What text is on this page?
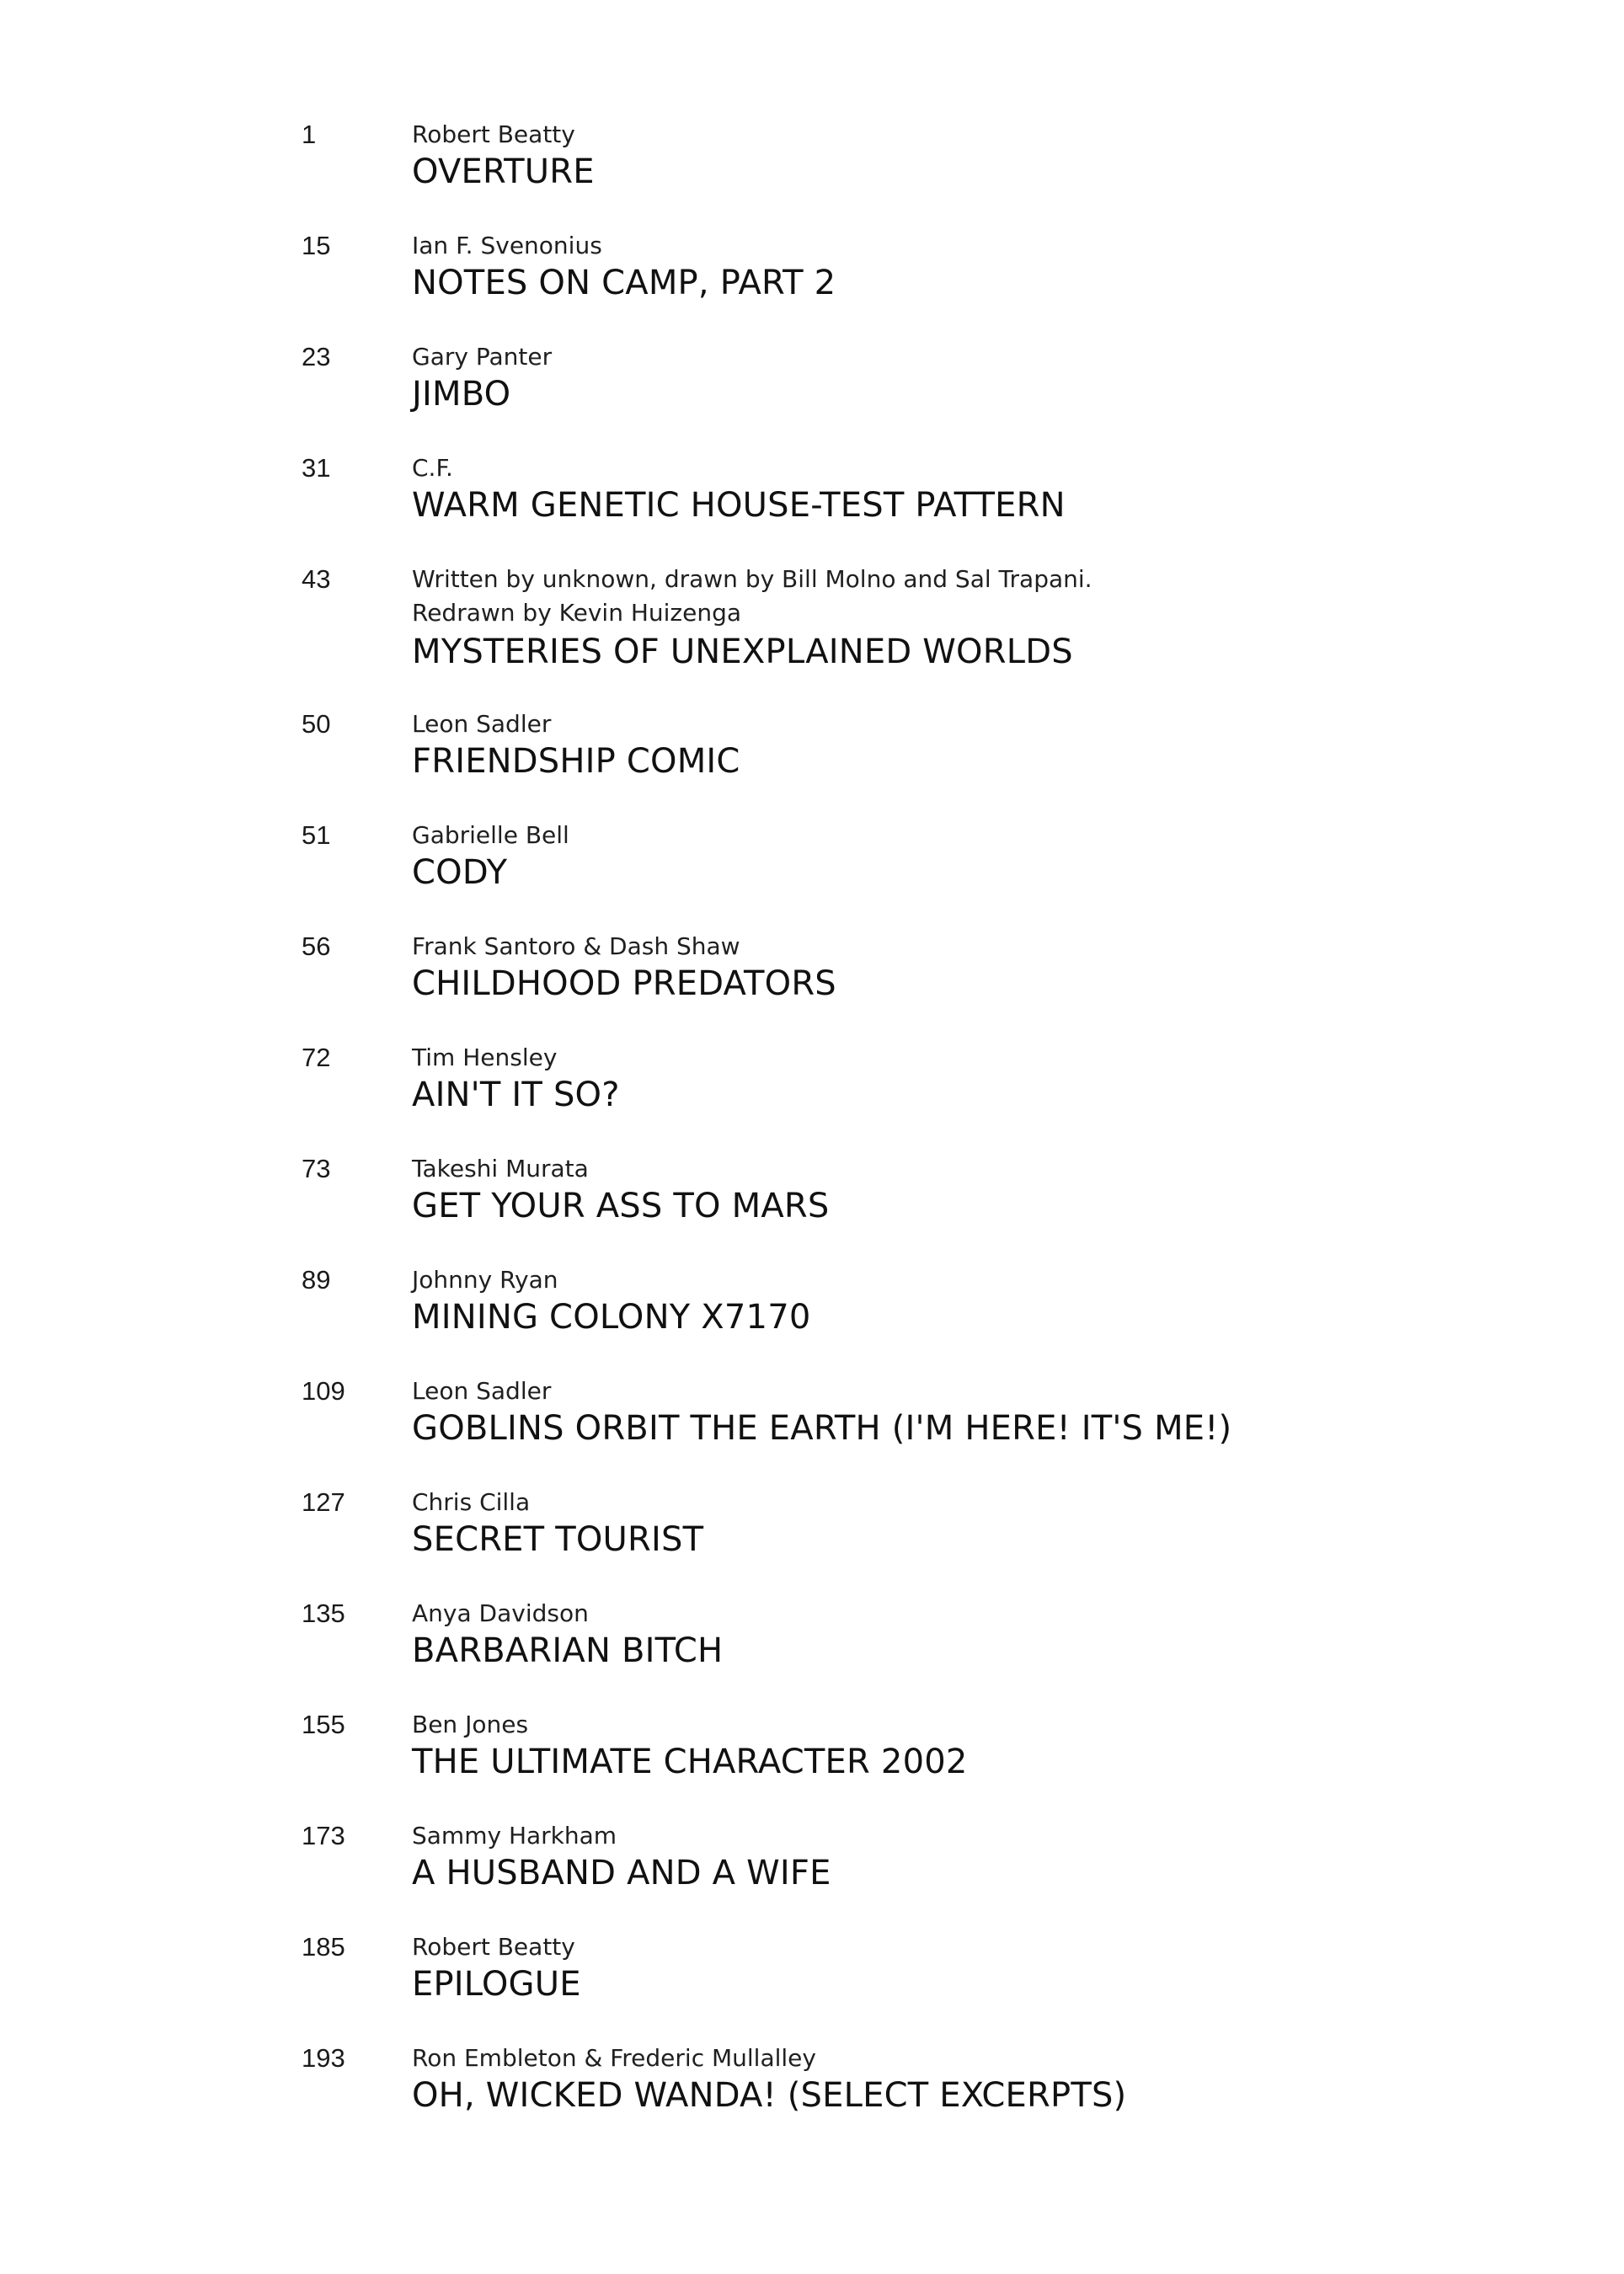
1	Robert Beatty
OVERTURE
15	Ian F. Svenonius
NOTES ON CAMP, PART 2
23	Gary Panter
JIMBO
31	C.F.
WARM GENETIC HOUSE-TEST PATTERN
43	Written by unknown, drawn by Bill Molno and Sal Trapani.
Redrawn by Kevin Huizenga
MYSTERIES OF UNEXPLAINED WORLDS
50	Leon Sadler
FRIENDSHIP COMIC
51	Gabrielle Bell
CODY
56	Frank Santoro & Dash Shaw
CHILDHOOD PREDATORS
72	Tim Hensley
AIN'T IT SO?
73	Takeshi Murata
GET YOUR ASS TO MARS
89	Johnny Ryan
MINING COLONY X7170
109	Leon Sadler
GOBLINS ORBIT THE EARTH (I'M HERE! IT'S ME!)
127	Chris Cilla
SECRET TOURIST
135	Anya Davidson
BARBARIAN BITCH
155	Ben Jones
THE ULTIMATE CHARACTER 2002
173	Sammy Harkham
A HUSBAND AND A WIFE
185	Robert Beatty
EPILOGUE
193	Ron Embleton & Frederic Mullalley
OH, WICKED WANDA! (SELECT EXCERPTS)
